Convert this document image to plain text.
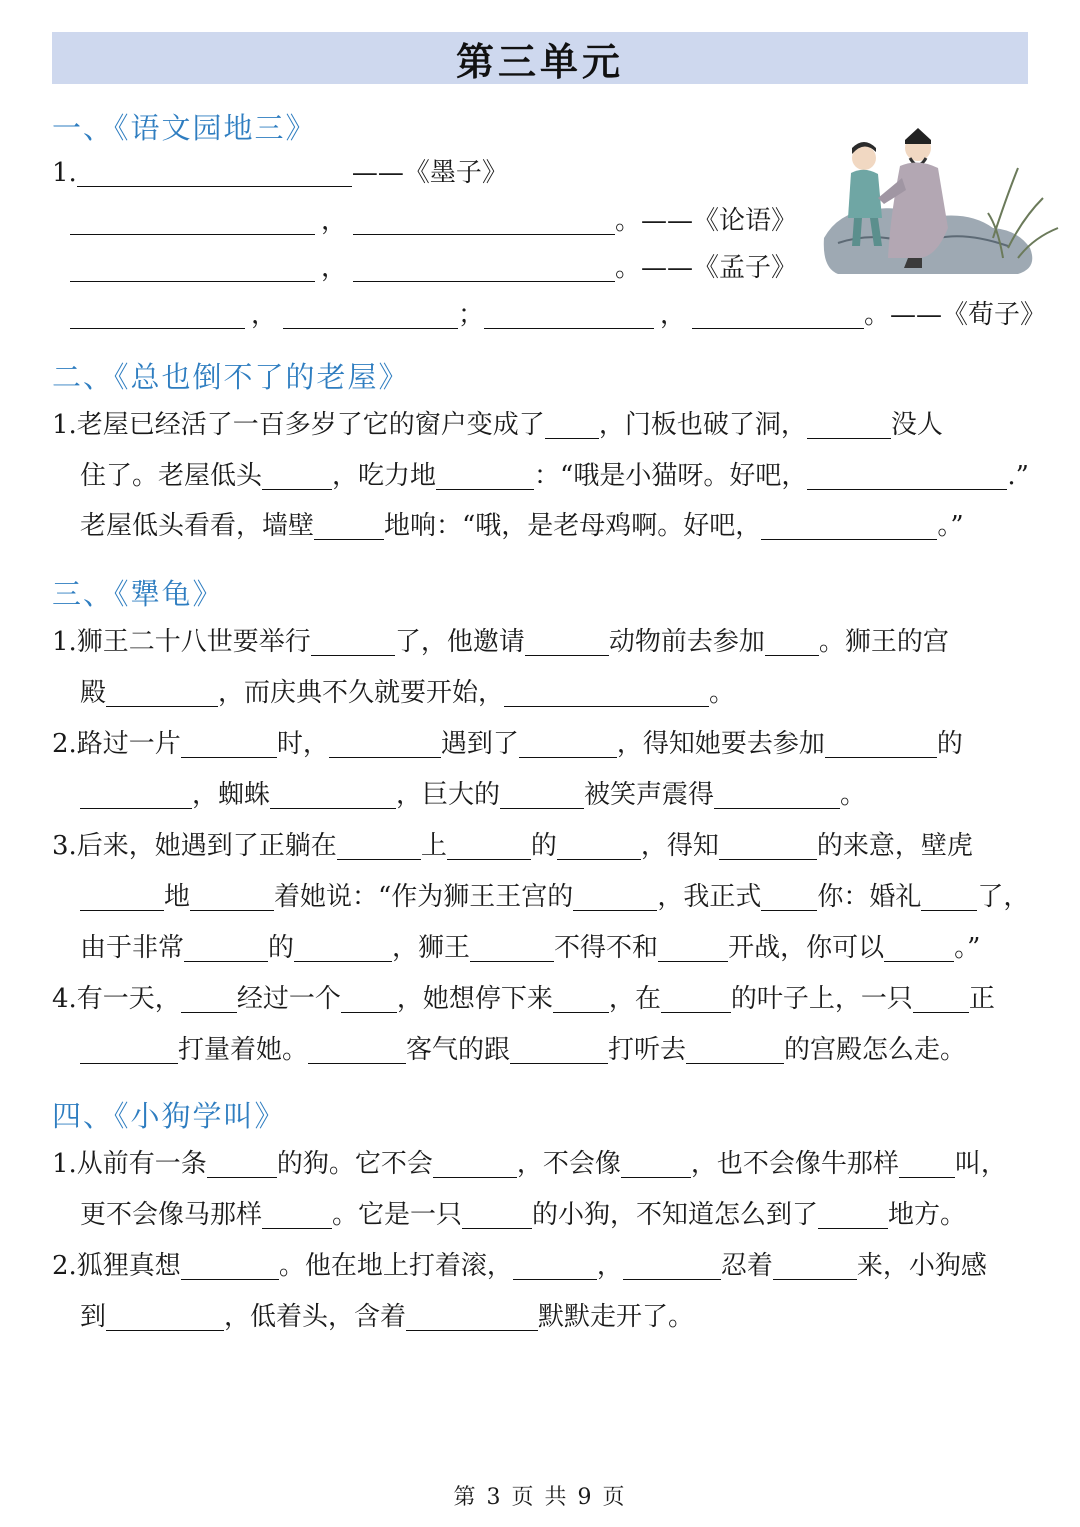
第三单元
一、《语文园地三》
1.	——《墨子》
，	。——《论语》
，	。——《孟子》
，	；	，	。——《荀子》
二、《总也倒不了的老屋》
1.老屋已经活了一百多岁了它的窗户变成了 ，门板也破了洞，	没人
住了。老屋低头	，吃力地	：“哦是小猫呀。好吧，	.”
老屋低头看看，墙壁	地响：“哦，是老母鸡啊。好吧，	。”
三、《犟龟》
1.狮王二十八世要举行	了，他邀请	动物前去参加 。狮王的宫
殿	，而庆典不久就要开始，	。
2.路过一片	时，	遇到了	，得知她要去参加	的
，蜘蛛	，巨大的	被笑声震得	。
3.后来，她遇到了正躺在	上	的	，得知	的来意，壁虎
地	着她说：“作为狮王王宫的	，我正式 你：婚礼 了，
由于非常	的	，狮王	不得不和	开战，你可以	。”
4.有一天， 经过一个 ，她想停下来 ，在	的叶子上，一只 正
打量着她。	客气的跟	打听去	的宫殿怎么走。
四、《小狗学叫》
1.从前有一条	的狗。它不会	，不会像	，也不会像牛那样 叫，
更不会像马那样	。它是一只	的小狗，不知道怎么到了	地方。
2.狐狸真想	。他在地上打着滚，	，	忍着	来，小狗感
到	，低着头，含着	默默走开了。
第 3 页 共 9 页
